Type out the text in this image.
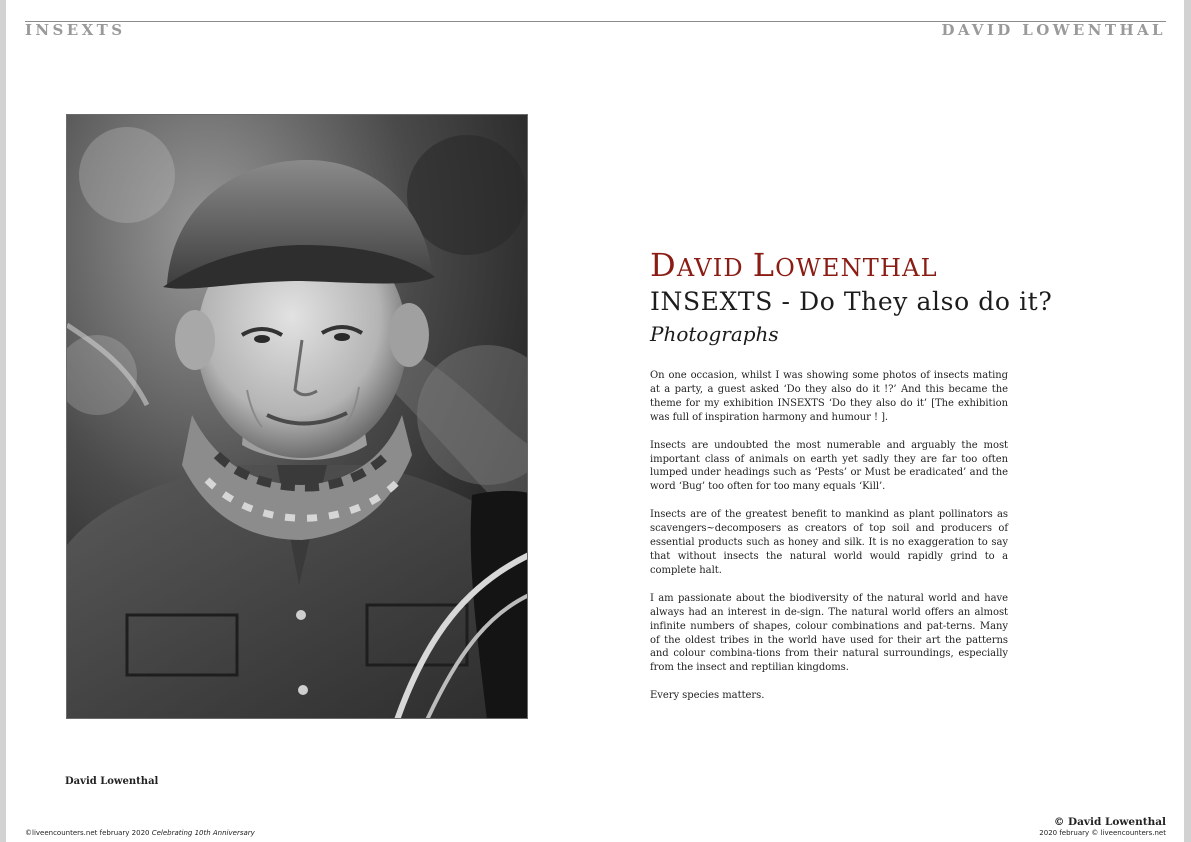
INSEXTS	DAVID LOWENTHAL
David Lowenthal
DAVID LOWENTHAL
INSEXTS - Do They also do it?
Photographs

On one occasion, whilst I was showing some photos of insects mating at a party, a guest asked ‘Do they also do it !?’ And this became the theme for my exhibition INSEXTS ‘Do they also do it’ [The exhibition was full of inspiration harmony and humour ! ].

Insects are undoubted the most numerable and arguably the most important class of animals on earth yet sadly they are far too often lumped under headings such as ‘Pests’ or Must be eradicated’ and the word ‘Bug’ too often for too many equals ‘Kill’.

Insects are of the greatest benefit to mankind as plant pollinators as scavengers~decomposers as creators of top soil and producers of essential products such as honey and silk. It is no exaggeration to say that without insects the natural world would rapidly grind to a complete halt.

I am passionate about the biodiversity of the natural world and have always had an interest in de-sign. The natural world offers an almost infinite numbers of shapes, colour combinations and pat-terns. Many of the oldest tribes in the world have used for their art the patterns and colour combina-tions from their natural surroundings, especially from the insect and reptilian kingdoms.

Every species matters.

© David Lowenthal
©liveencounters.net february 2020 Celebrating 10th Anniversary	2020 february © liveencounters.net
